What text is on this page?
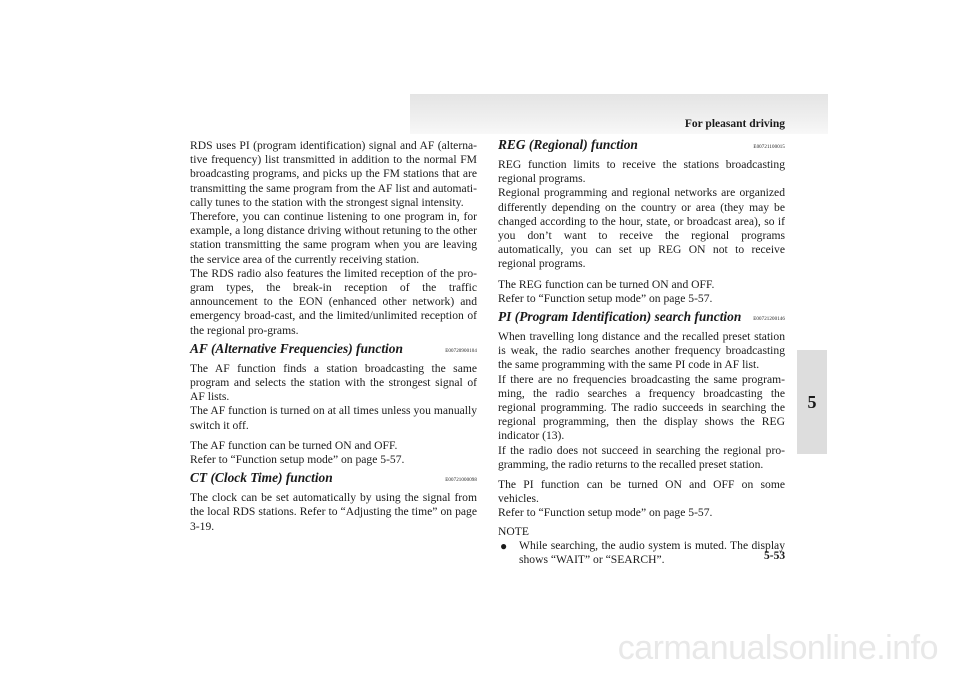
For pleasant driving
5

RDS uses PI (program identification) signal and AF (alterna-tive frequency) list transmitted in addition to the normal FM broadcasting programs, and picks up the FM stations that are transmitting the same program from the AF list and automati-cally tunes to the station with the strongest signal intensity.

Therefore, you can continue listening to one program in, for example, a long distance driving without retuning to the other station transmitting the same program when you are leaving the service area of the currently receiving station.

The RDS radio also features the limited reception of the pro-gram types, the break-in reception of the traffic announcement to the EON (enhanced other network) and emergency broad-cast, and the limited/unlimited reception of the regional pro-grams.

AF (Alternative Frequencies) function	E00720900104

The AF function finds a station broadcasting the same program and selects the station with the strongest signal of AF lists.

The AF function is turned on at all times unless you manually switch it off.

The AF function can be turned ON and OFF.

Refer to “Function setup mode” on page 5-57.

CT (Clock Time) function	E00721000098

The clock can be set automatically by using the signal from the local RDS stations. Refer to “Adjusting the time” on page 3-19.

REG (Regional) function	E00721100015

REG function limits to receive the stations broadcasting regional programs.

Regional programming and regional networks are organized differently depending on the country or area (they may be changed according to the hour, state, or broadcast area), so if you don’t want to receive the regional programs automatically, you can set up REG ON not to receive regional programs.

The REG function can be turned ON and OFF.

Refer to “Function setup mode” on page 5-57.

PI (Program Identification) search function E00721200146

When travelling long distance and the recalled preset station is weak, the radio searches another frequency broadcasting the same programming with the same PI code in AF list.

If there are no frequencies broadcasting the same program-ming, the radio searches a frequency broadcasting the regional programming. The radio succeeds in searching the regional programming, then the display shows the REG indicator (13).

If the radio does not succeed in searching the regional pro-gramming, the radio returns to the recalled preset station.

The PI function can be turned ON and OFF on some vehicles.

Refer to “Function setup mode” on page 5-57.

NOTE

● While searching, the audio system is muted. The display shows “WAIT” or “SEARCH”.	5-53
carmanualsonline.info
